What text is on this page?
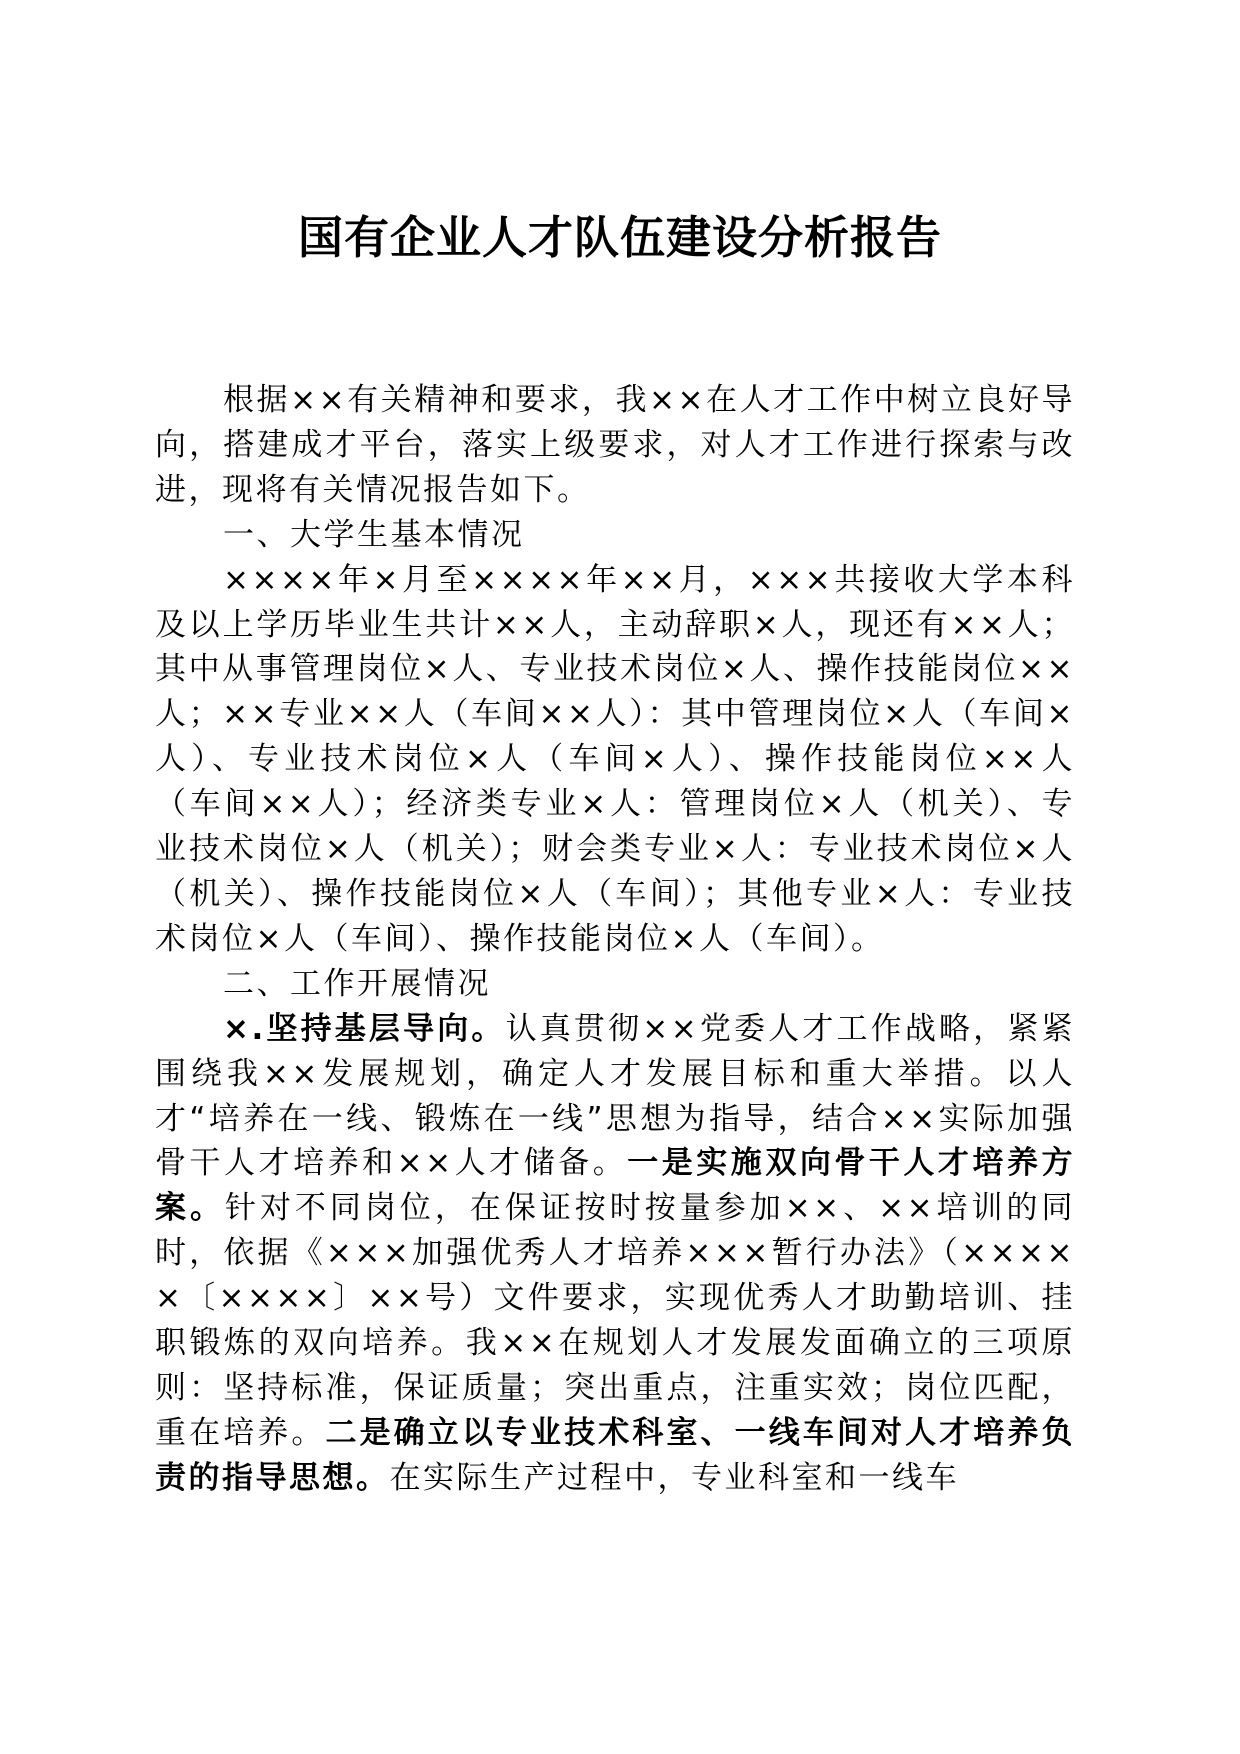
国有企业人才队伍建设分析报告

根据××有关精神和要求，我××在人才工作中树立良好导向，搭建成才平台，落实上级要求，对人才工作进行探索与改进，现将有关情况报告如下。

一、大学生基本情况

××××年×月至××××年××月，×××共接收大学本科及以上学历毕业生共计××人，主动辞职×人，现还有××人；其中从事管理岗位×人、专业技术岗位×人、操作技能岗位××人；××专业××人（车间××人）：其中管理岗位×人（车间×人）、专业技术岗位×人（车间×人）、操作技能岗位××人（车间××人）；经济类专业×人：管理岗位×人（机关）、专业技术岗位×人（机关）；财会类专业×人：专业技术岗位×人（机关）、操作技能岗位×人（车间）；其他专业×人：专业技术岗位×人（车间）、操作技能岗位×人（车间）。

二、工作开展情况

×.坚持基层导向。认真贯彻××党委人才工作战略，紧紧围绕我××发展规划，确定人才发展目标和重大举措。以人才“培养在一线、锻炼在一线”思想为指导，结合××实际加强骨干人才培养和××人才储备。一是实施双向骨干人才培养方案。针对不同岗位，在保证按时按量参加××、××培训的同时，依据《×××加强优秀人才培养×××暂行办法》（×××××〔××××〕××号）文件要求，实现优秀人才助勤培训、挂职锻炼的双向培养。我××在规划人才发展发面确立的三项原则：坚持标准，保证质量；突出重点，注重实效；岗位匹配，重在培养。二是确立以专业技术科室、一线车间对人才培养负责的指导思想。在实际生产过程中，专业科室和一线车
